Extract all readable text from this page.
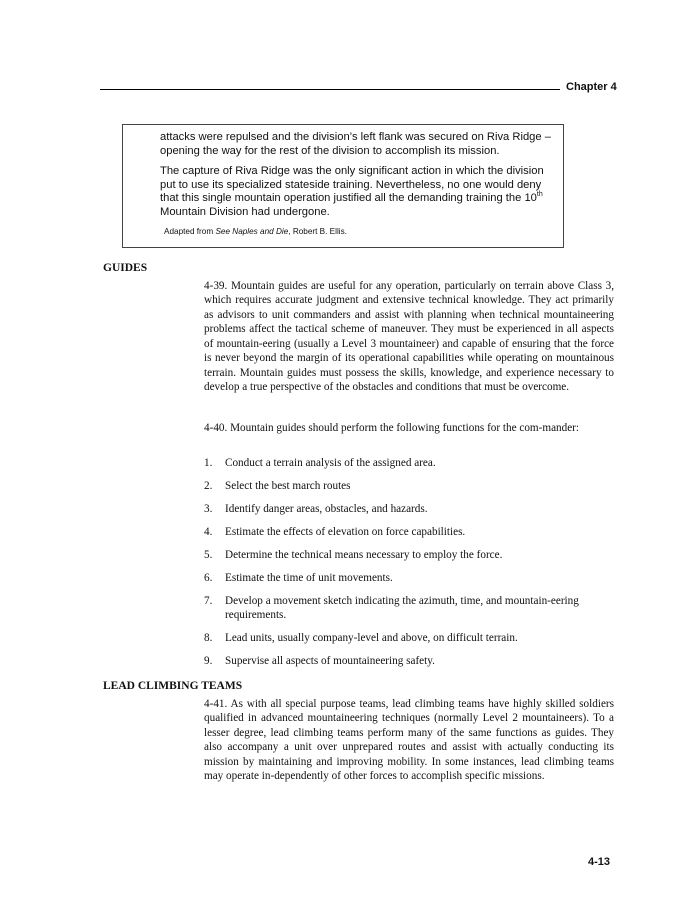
Chapter 4

attacks were repulsed and the division’s left flank was secured on Riva Ridge – opening the way for the rest of the division to accomplish its mission.

The capture of Riva Ridge was the only significant action in which the division put to use its specialized stateside training. Nevertheless, no one would deny that this single mountain operation justified all the demanding training the 10th Mountain Division had undergone.

Adapted from See Naples and Die, Robert B. Ellis.

GUIDES

4-39. Mountain guides are useful for any operation, particularly on terrain above Class 3, which requires accurate judgment and extensive technical knowledge. They act primarily as advisors to unit commanders and assist with planning when technical mountaineering problems affect the tactical scheme of maneuver. They must be experienced in all aspects of mountain-eering (usually a Level 3 mountaineer) and capable of ensuring that the force is never beyond the margin of its operational capabilities while operating on mountainous terrain. Mountain guides must possess the skills, knowledge, and experience necessary to develop a true perspective of the obstacles and conditions that must be overcome.

4-40. Mountain guides should perform the following functions for the com-mander:

1. Conduct a terrain analysis of the assigned area.
2. Select the best march routes
3. Identify danger areas, obstacles, and hazards.
4. Estimate the effects of elevation on force capabilities.
5. Determine the technical means necessary to employ the force.
6. Estimate the time of unit movements.
7. Develop a movement sketch indicating the azimuth, time, and mountain-eering requirements.
8. Lead units, usually company-level and above, on difficult terrain.
9. Supervise all aspects of mountaineering safety.
LEAD CLIMBING TEAMS

4-41. As with all special purpose teams, lead climbing teams have highly skilled soldiers qualified in advanced mountaineering techniques (normally Level 2 mountaineers). To a lesser degree, lead climbing teams perform many of the same functions as guides. They also accompany a unit over unprepared routes and assist with actually conducting its mission by maintaining and improving mobility. In some instances, lead climbing teams may operate in-dependently of other forces to accomplish specific missions.

4-13
